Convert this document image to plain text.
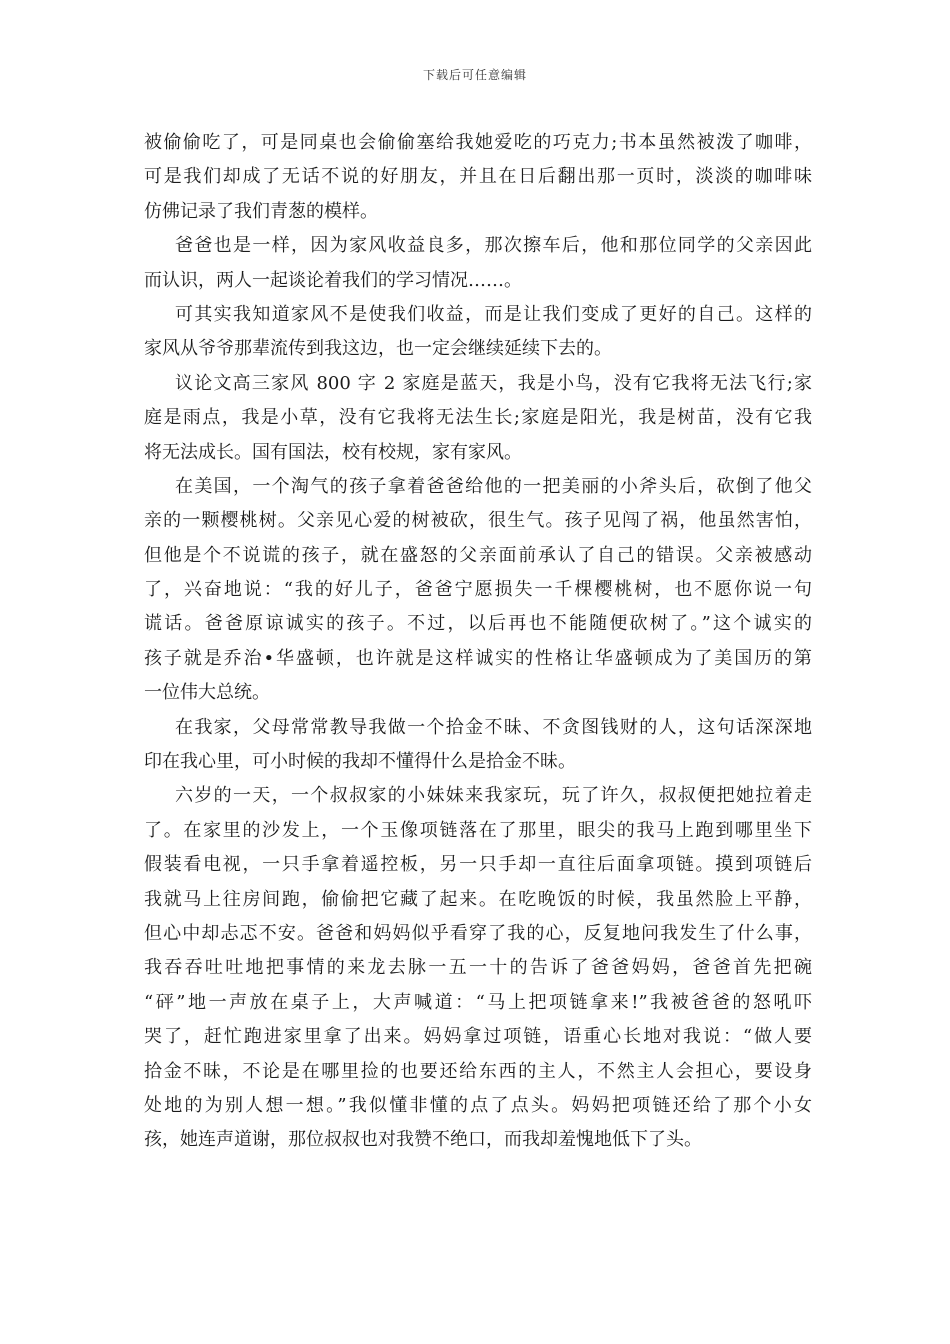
下载后可任意编辑
被偷偷吃了，可是同桌也会偷偷塞给我她爱吃的巧克力;书本虽然被泼了咖啡，
可是我们却成了无话不说的好朋友，并且在日后翻出那一页时，淡淡的咖啡味
仿佛记录了我们青葱的模样。
爸爸也是一样，因为家风收益良多，那次擦车后，他和那位同学的父亲因此
而认识，两人一起谈论着我们的学习情况……。
可其实我知道家风不是使我们收益，而是让我们变成了更好的自己。这样的
家风从爷爷那辈流传到我这边，也一定会继续延续下去的。
议论文高三家风 800 字 2 家庭是蓝天，我是小鸟，没有它我将无法飞行;家
庭是雨点，我是小草，没有它我将无法生长;家庭是阳光，我是树苗，没有它我
将无法成长。国有国法，校有校规，家有家风。
在美国，一个淘气的孩子拿着爸爸给他的一把美丽的小斧头后，砍倒了他父
亲的一颗樱桃树。父亲见心爱的树被砍，很生气。孩子见闯了祸，他虽然害怕，
但他是个不说谎的孩子，就在盛怒的父亲面前承认了自己的错误。父亲被感动
了，兴奋地说：“我的好儿子，爸爸宁愿损失一千棵樱桃树，也不愿你说一句
谎话。爸爸原谅诚实的孩子。不过，以后再也不能随便砍树了。”这个诚实的
孩子就是乔治•华盛顿，也许就是这样诚实的性格让华盛顿成为了美国历的第
一位伟大总统。
在我家，父母常常教导我做一个拾金不昧、不贪图钱财的人，这句话深深地
印在我心里，可小时候的我却不懂得什么是拾金不昧。
六岁的一天，一个叔叔家的小妹妹来我家玩，玩了许久，叔叔便把她拉着走
了。在家里的沙发上，一个玉像项链落在了那里，眼尖的我马上跑到哪里坐下
假装看电视，一只手拿着遥控板，另一只手却一直往后面拿项链。摸到项链后
我就马上往房间跑，偷偷把它藏了起来。在吃晚饭的时候，我虽然脸上平静，
但心中却忐忑不安。爸爸和妈妈似乎看穿了我的心，反复地问我发生了什么事，
我吞吞吐吐地把事情的来龙去脉一五一十的告诉了爸爸妈妈，爸爸首先把碗
“砰”地一声放在桌子上，大声喊道：“马上把项链拿来!”我被爸爸的怒吼吓
哭了，赶忙跑进家里拿了出来。妈妈拿过项链，语重心长地对我说：“做人要
拾金不昧，不论是在哪里捡的也要还给东西的主人，不然主人会担心，要设身
处地的为别人想一想。”我似懂非懂的点了点头。妈妈把项链还给了那个小女
孩，她连声道谢，那位叔叔也对我赞不绝口，而我却羞愧地低下了头。
